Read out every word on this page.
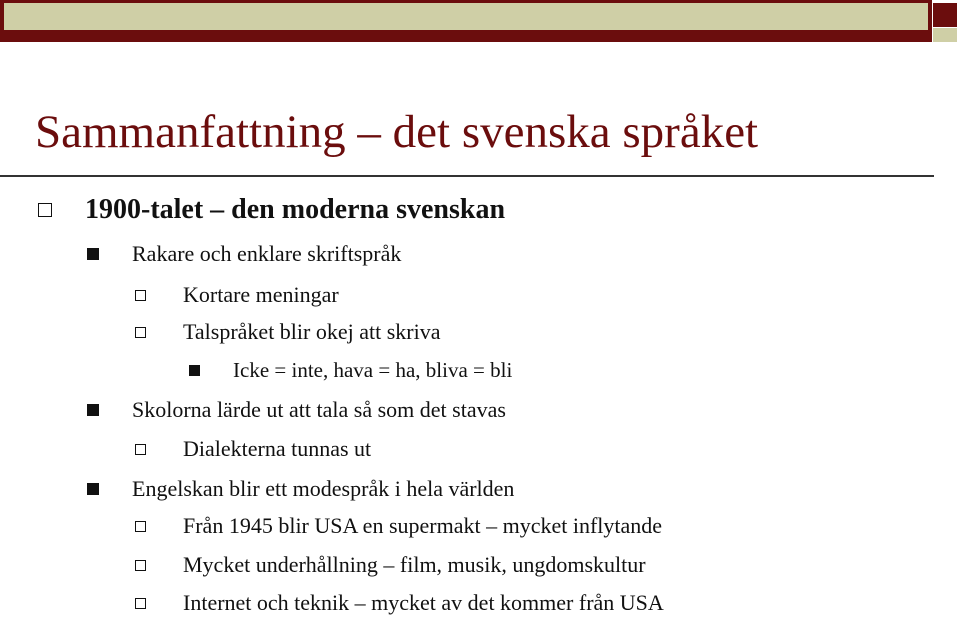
Sammanfattning – det svenska språket
1900-talet – den moderna svenskan
Rakare och enklare skriftspråk
Kortare meningar
Talspråket blir okej att skriva
Icke = inte, hava = ha, bliva = bli
Skolorna lärde ut att tala så som det stavas
Dialekterna tunnas ut
Engelskan blir ett modespråk i hela världen
Från 1945 blir USA en supermakt – mycket inflytande
Mycket underhållning – film, musik, ungdomskultur
Internet och teknik – mycket av det kommer från USA
